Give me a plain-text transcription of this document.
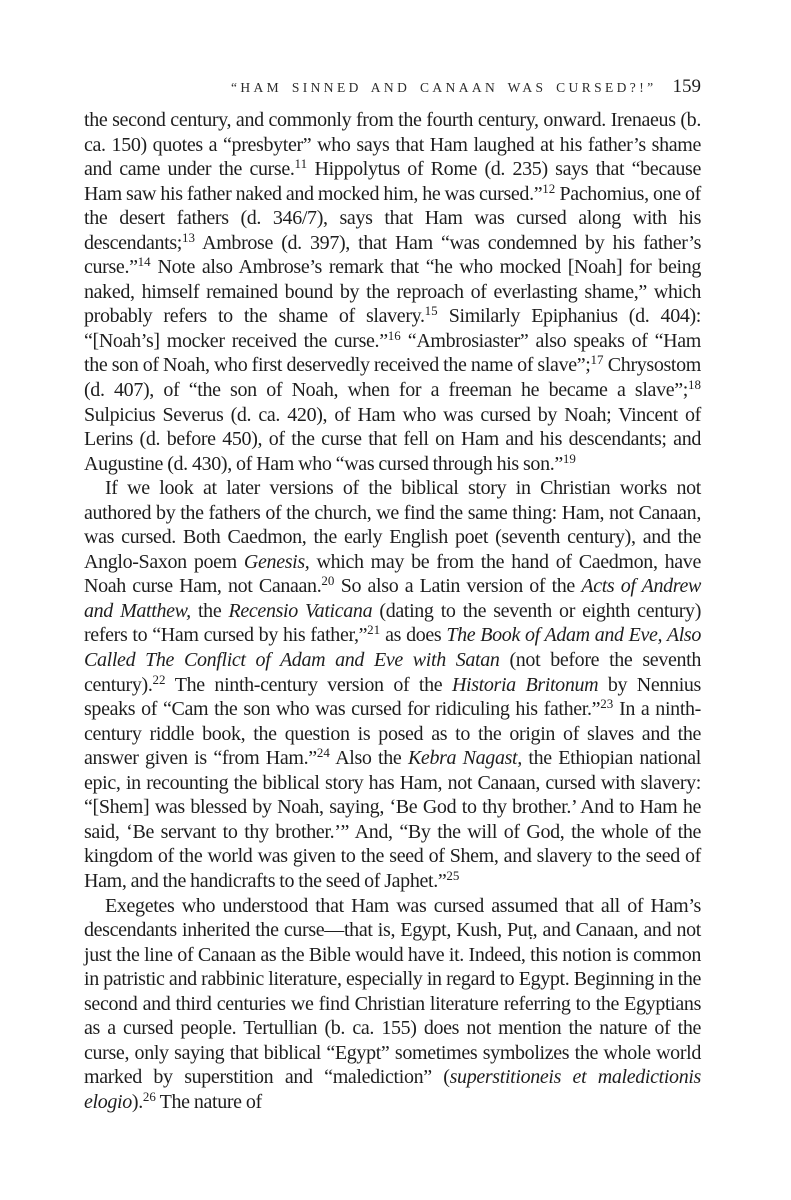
“HAM SINNED AND CANAAN WAS CURSED?!” 159

the second century, and commonly from the fourth century, onward. Irenaeus (b. ca. 150) quotes a “presbyter” who says that Ham laughed at his father’s shame and came under the curse.$^{11}$ Hippolytus of Rome (d. 235) says that “because Ham saw his father naked and mocked him, he was cursed.”$^{12}$ Pachomius, one of the desert fathers (d. 346/7), says that Ham was cursed along with his descendants;$^{13}$ Ambrose (d. 397), that Ham “was condemned by his father’s curse.”$^{14}$ Note also Ambrose’s remark that “he who mocked [Noah] for being naked, himself remained bound by the reproach of everlasting shame,” which probably refers to the shame of slavery.$^{15}$ Similarly Epiphanius (d. 404): “[Noah’s] mocker received the curse.”$^{16}$ “Ambrosiaster” also speaks of “Ham the son of Noah, who first deservedly received the name of slave”;$^{17}$ Chrysostom (d. 407), of “the son of Noah, when for a freeman he became a slave”;$^{18}$ Sulpicius Severus (d. ca. 420), of Ham who was cursed by Noah; Vincent of Lerins (d. before 450), of the curse that fell on Ham and his descendants; and Augustine (d. 430), of Ham who “was cursed through his son.”$^{19}$

If we look at later versions of the biblical story in Christian works not authored by the fathers of the church, we find the same thing: Ham, not Canaan, was cursed. Both Caedmon, the early English poet (seventh century), and the Anglo-Saxon poem Genesis, which may be from the hand of Caedmon, have Noah curse Ham, not Canaan.$^{20}$ So also a Latin version of the Acts of Andrew and Matthew, the Recensio Vaticana (dating to the seventh or eighth century) refers to “Ham cursed by his father,”$^{21}$ as does The Book of Adam and Eve, Also Called The Conflict of Adam and Eve with Satan (not before the seventh century).$^{22}$ The ninth-century version of the Historia Britonum by Nennius speaks of “Cam the son who was cursed for ridiculing his father.”$^{23}$ In a ninth-century riddle book, the question is posed as to the origin of slaves and the answer given is “from Ham.”$^{24}$ Also the Kebra Nagast, the Ethiopian national epic, in recounting the biblical story has Ham, not Canaan, cursed with slavery: “[Shem] was blessed by Noah, saying, ‘Be God to thy brother.’ And to Ham he said, ‘Be servant to thy brother.’” And, “By the will of God, the whole of the kingdom of the world was given to the seed of Shem, and slavery to the seed of Ham, and the handicrafts to the seed of Japhet.”$^{25}$

Exegetes who understood that Ham was cursed assumed that all of Ham’s descendants inherited the curse—that is, Egypt, Kush, Puṭ, and Canaan, and not just the line of Canaan as the Bible would have it. Indeed, this notion is common in patristic and rabbinic literature, especially in regard to Egypt. Beginning in the second and third centuries we find Christian literature referring to the Egyptians as a cursed people. Tertullian (b. ca. 155) does not mention the nature of the curse, only saying that biblical “Egypt” sometimes symbolizes the whole world marked by superstition and “malediction” (superstitioneis et maledictionis elogio).$^{26}$ The nature of
